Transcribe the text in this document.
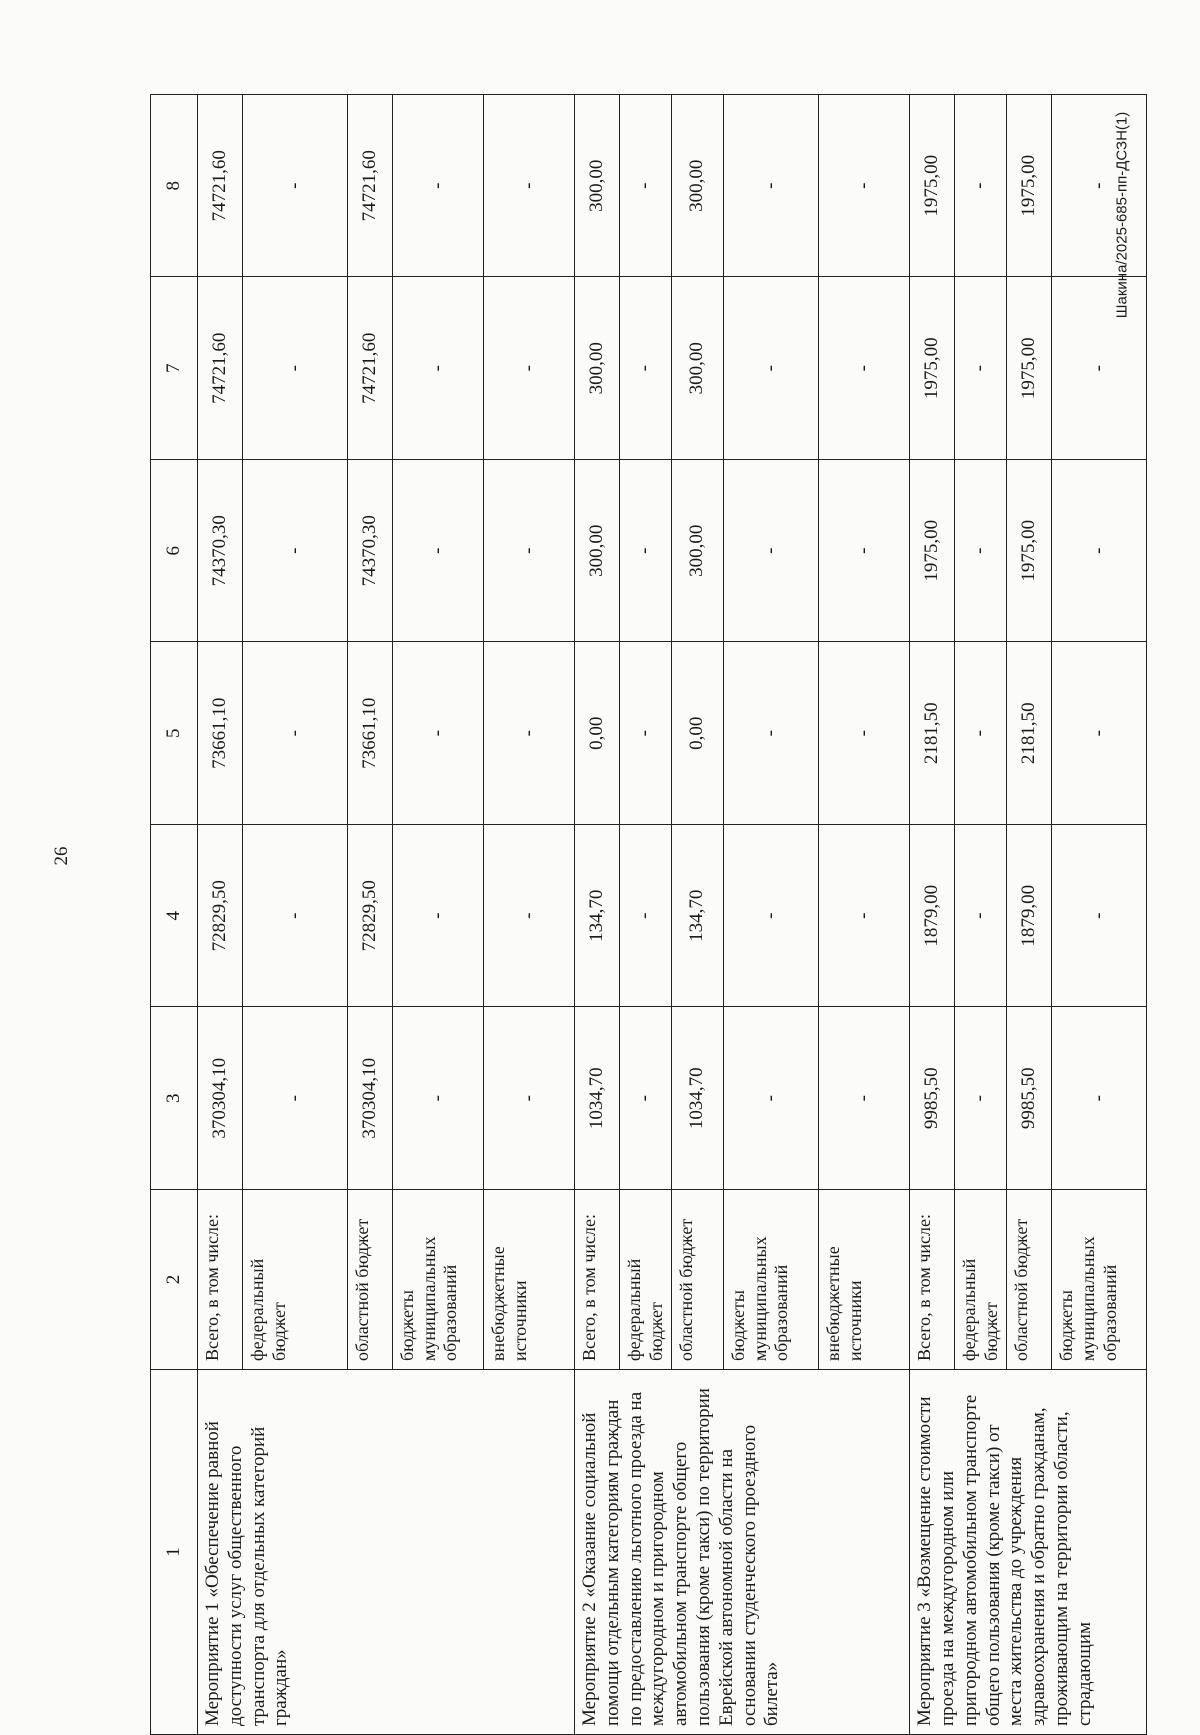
26
Шакина/2025-685-пп-ДСЗН(1)
1	2	3	4	5	6	7	8
Мероприятие 1 «Обеспечение равной доступности услуг общественного транспорта для отдельных категорий граждан»	Всего, в том числе:	370304,10	72829,50	73661,10	74370,30	74721,60	74721,60
	федеральный бюджет	-	-	-	-	-	-
	областной бюджет	370304,10	72829,50	73661,10	74370,30	74721,60	74721,60
	бюджеты муниципальных образований	-	-	-	-	-	-
	внебюджетные источники	-	-	-	-	-	-
Мероприятие 2 «Оказание социальной помощи отдельным категориям граждан по предоставлению льготного проезда на междугородном и пригородном автомобильном транспорте общего пользования (кроме такси) по территории Еврейской автономной области на основании студенческого проездного билета»	Всего, в том числе:	1034,70	134,70	0,00	300,00	300,00	300,00
	федеральный бюджет	-	-	-	-	-	-
	областной бюджет	1034,70	134,70	0,00	300,00	300,00	300,00
	бюджеты муниципальных образований	-	-	-	-	-	-
	внебюджетные источники	-	-	-	-	-	-
Мероприятие 3 «Возмещение стоимости проезда на междугородном или пригородном автомобильном транспорте общего пользования (кроме такси) от места жительства до учреждения здравоохранения и обратно гражданам, проживающим на территории области, страдающим	Всего, в том числе:	9985,50	1879,00	2181,50	1975,00	1975,00	1975,00
	федеральный бюджет	-	-	-	-	-	-
	областной бюджет	9985,50	1879,00	2181,50	1975,00	1975,00	1975,00
	бюджеты муниципальных образований	-	-	-	-	-	-
